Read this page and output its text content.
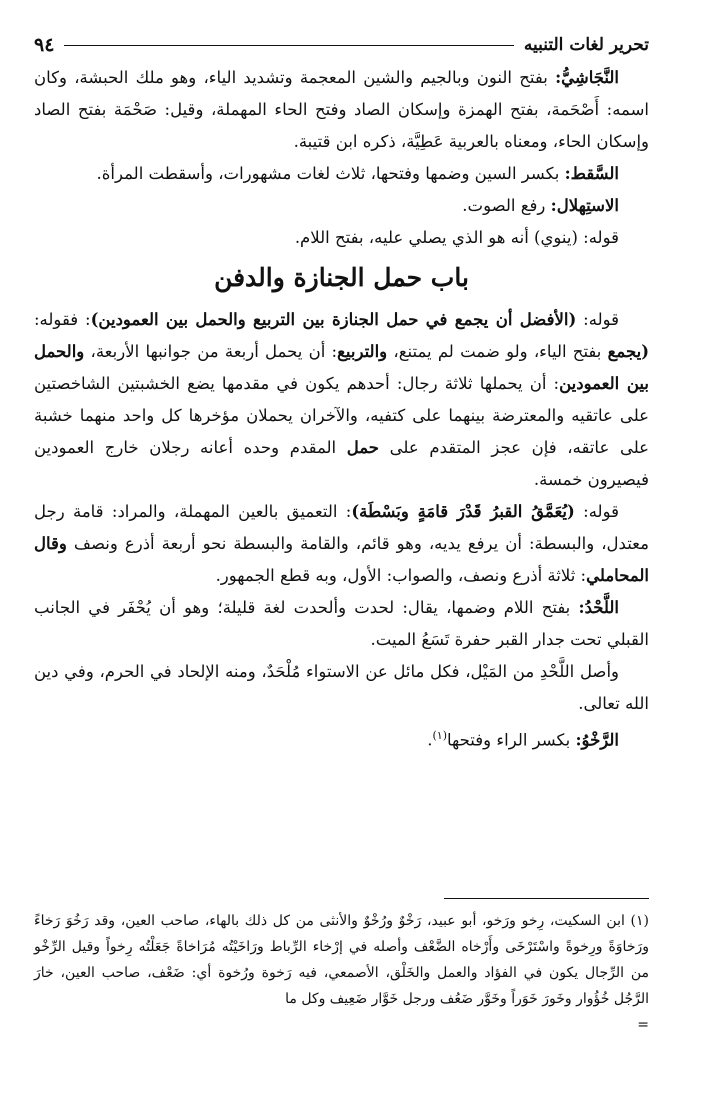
تحرير لغات التنبيه
٩٤

النَّجَاشِيُّ: بفتح النون وبالجيم والشين المعجمة وتشديد الياء، وهو ملك الحبشة، وكان اسمه: أَصْحَمة، بفتح الهمزة وإسكان الصاد وفتح الحاء المهملة، وقيل: صَحْمَة بفتح الصاد وإسكان الحاء، ومعناه بالعربية عَطِيَّة، ذكره ابن قتيبة.

السَّقط: بكسر السين وضمها وفتحها، ثلاث لغات مشهورات، وأسقطت المرأة.

الاستِهلال: رفع الصوت.

قوله: (ينوي) أنه هو الذي يصلي عليه، بفتح اللام.

باب حمل الجنازة والدفن

قوله: (الأفضل أن يجمع في حمل الجنازة بين التربيع والحمل بين العمودين): فقوله: (يجمع بفتح الياء، ولو ضمت لم يمتنع، والتربيع: أن يحمل أربعة من جوانبها الأربعة، والحمل بين العمودين: أن يحملها ثلاثة رجال: أحدهم يكون في مقدمها يضع الخشبتين الشاخصتين على عاتقيه والمعترضة بينهما على كتفيه، والآخران يحملان مؤخرها كل واحد منهما خشبة على عاتقه، فإن عجز المتقدم على حمل المقدم وحده أعانه رجلان خارج العمودين فيصيرون خمسة.

قوله: (يُعَمَّقُ القبرُ قَدْرَ قامَةٍ وبَسْطَة): التعميق بالعين المهملة، والمراد: قامة رجل معتدل، والبسطة: أن يرفع يديه، وهو قائم، والقامة والبسطة نحو أربعة أذرع ونصف وقال المحاملي: ثلاثة أذرع ونصف، والصواب: الأول، وبه قطع الجمهور.

اللَّحْدُ: بفتح اللام وضمها، يقال: لحدت وألحدت لغة قليلة؛ وهو أن يُحْفَر في الجانب القبلي تحت جدار القبر حفرة تَسَعُ الميت.

وأصل اللَّحْدِ من المَيْل، فكل مائل عن الاستواء مُلْحَدٌ، ومنه الإلحاد في الحرم، وفي دين الله تعالى.

الرَّخْوُ: بكسر الراء وفتحها$^{(١)}$.

(١) ابن السكيت، رِخو ورَخو، أبو عبيد، رَخْوٌ ورُخْوٌ والأنثى من كل ذلك بالهاء، صاحب العين، وقد رَخُوَ رَخاءً ورَخاوَةً ورِخوةً واسْتَرْخَى وأَرْخاه الضَّعْف وأصله في إرْخاء الرِّباط ورَاخَيْتُه مُرَاخاةً جَعَلْتُه رِخواً وقيل الرِّخْو من الرِّجال يكون في الفؤاد والعمل والخَلْق، الأصمعي، فيه رَخوة ورُخوة أي: ضَعْف، صاحب العين، خارَ الرَّجُل خُؤُوار وخَورَ خَوَراً وخَوَّر ضَعُف ورجل خَوَّار ضَعِيف وكل ما

=
